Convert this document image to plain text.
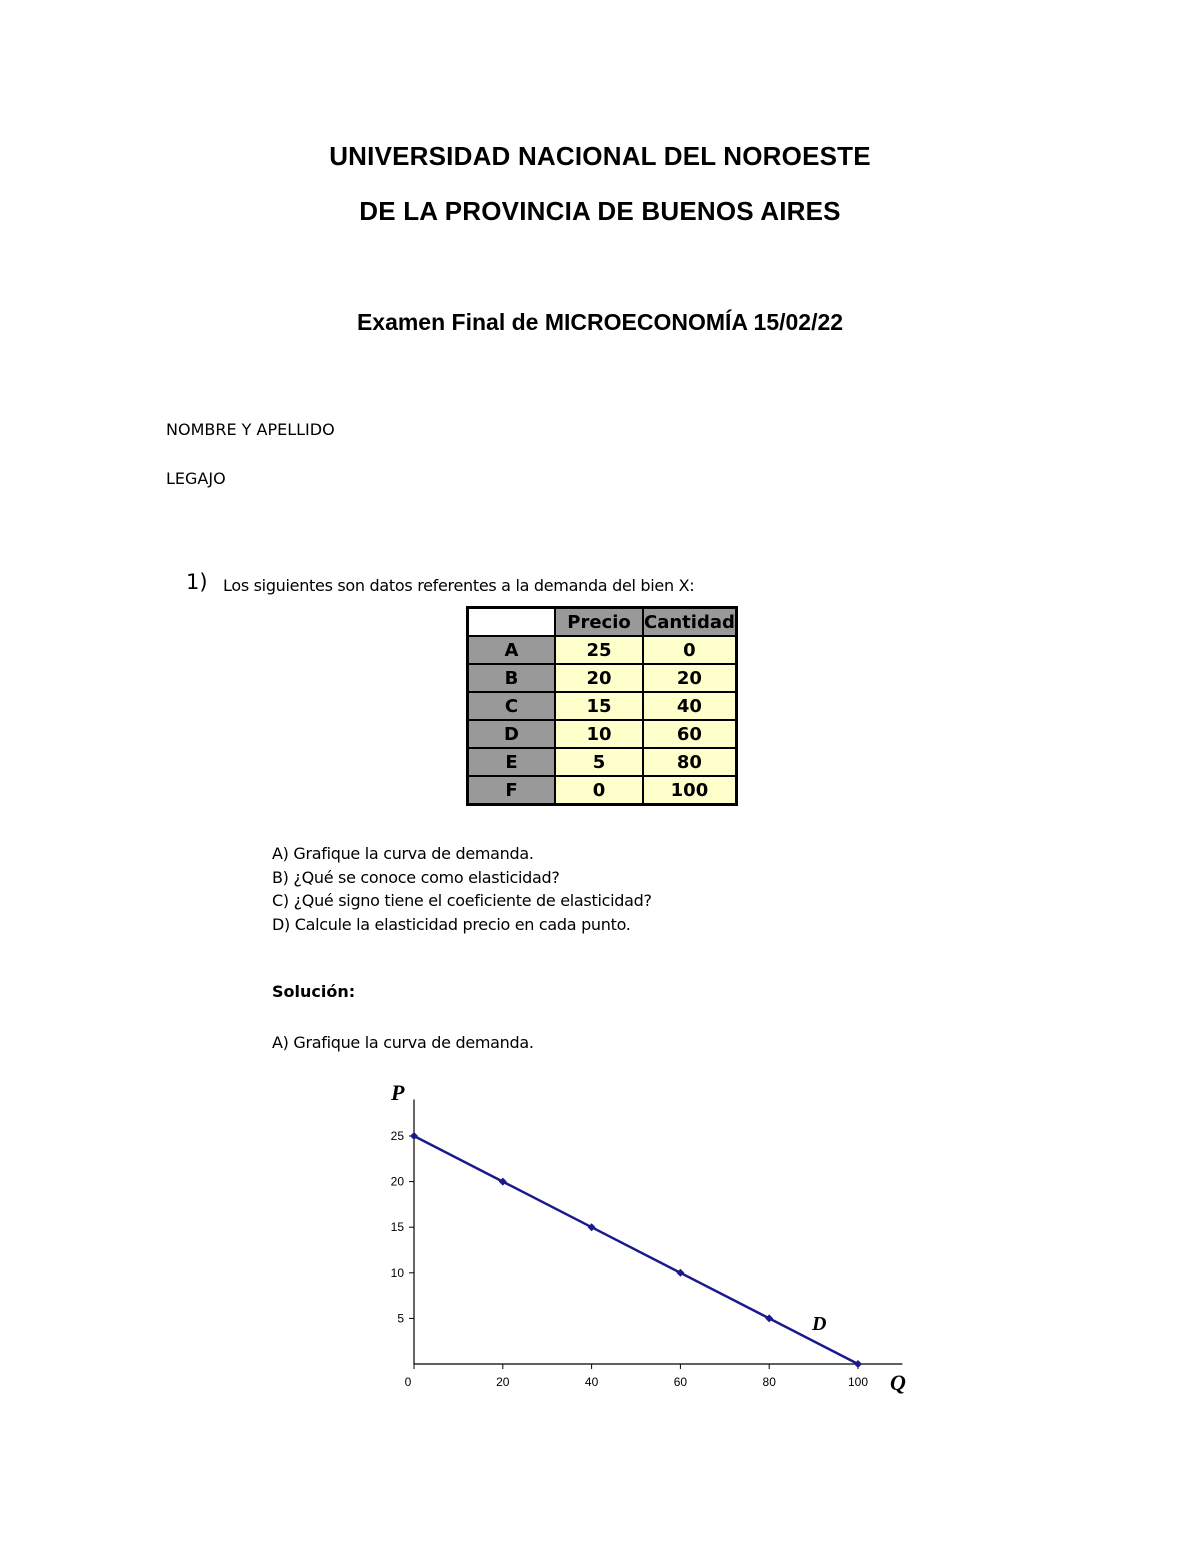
UNIVERSIDAD NACIONAL DEL NOROESTE
DE LA PROVINCIA DE BUENOS AIRES
Examen Final de MICROECONOMÍA 15/02/22

NOMBRE Y APELLIDO

LEGAJO

1) Los siguientes son datos referentes a la demanda del bien X:
	Precio	Cantidad
A	25	0
B	20	20
C	15	40
D	10	60
E	5	80
F	0	100
A) Grafique la curva de demanda.
B) ¿Qué se conoce como elasticidad?
C) ¿Qué signo tiene el coeficiente de elasticidad?
D) Calcule la elasticidad precio en cada punto.
Solución:
A) Grafique la curva de demanda.
5
10
15
20
25
0	20	40	60	80	100
P
Q
D
